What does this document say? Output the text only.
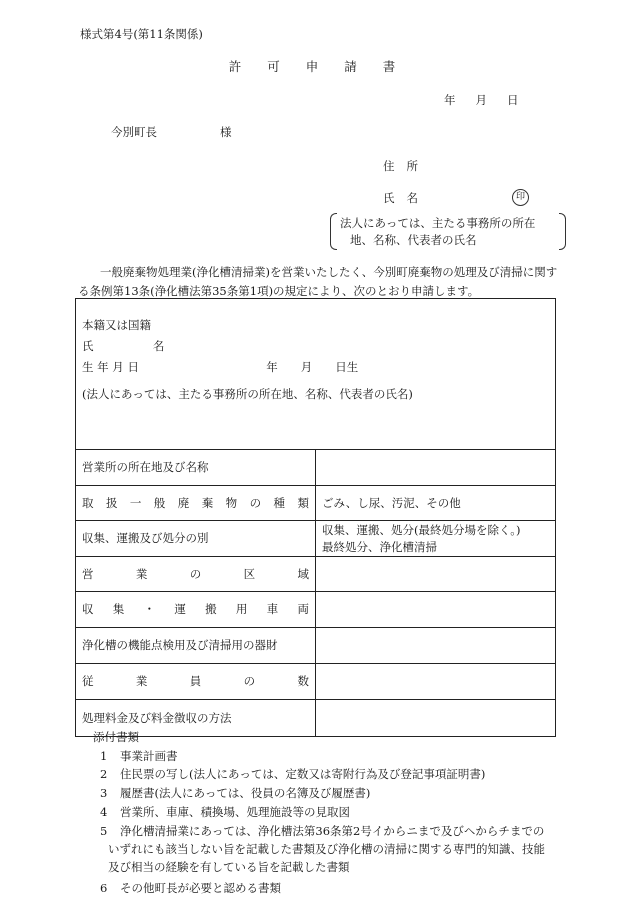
様式第4号(第11条関係)
許可申請書
年月日
今別町長	様
住所
氏名	印
法人にあっては、主たる事務所の所在
地、名称、代表者の氏名
一般廃棄物処理業(浄化槽清掃業)を営業いたしたく、今別町廃棄物の処理及び清掃に関する条例第13条(浄化槽法第35条第1項)の規定により、次のとおり申請します。
本籍又は国籍
氏 名
生 年 月 日 年　　月　　日生
(法人にあっては、主たる事務所の所在地、名称、代表者の氏名)	

営業所の所在地及び名称	
取扱一般廃棄物の種類	ごみ、し尿、汚泥、その他
収集、運搬及び処分の別	収集、運搬、処分(最終処分場を除く。)
最終処分、浄化槽清掃

営業の区域	
収集・運搬用車両	
浄化槽の機能点検用及び清掃用の器財	
従業員の数	
処理料金及び料金徴収の方法	
添付書類
1 事業計画書
2 住民票の写し(法人にあっては、定数又は寄附行為及び登記事項証明書)
3 履歴書(法人にあっては、役員の名簿及び履歴書)
4 営業所、車庫、積換場、処理施設等の見取図
5 浄化槽清掃業にあっては、浄化槽法第36条第2号イからニまで及びヘからチまでの
いずれにも該当しない旨を記載した書類及び浄化槽の清掃に関する専門的知識、技能及び相当の経験を有している旨を記載した書類
6 その他町長が必要と認める書類
